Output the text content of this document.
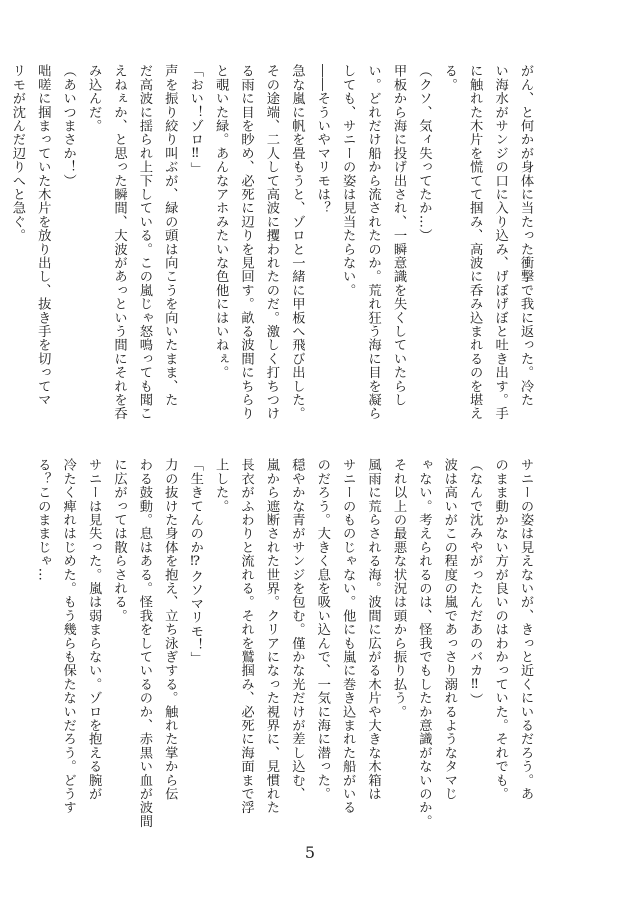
がん、と何かが身体に当たった衝撃で我に返った。冷た

い海水がサンジの口に入り込み、げぼげぼと吐き出す。手

に触れた木片を慌てて掴み、高波に呑み込まれるのを堪え

る。

（クソ、気ィ失ってたか…）

甲板から海に投げ出され、一瞬意識を失くしていたらし

い。どれだけ船から流されたのか。荒れ狂う海に目を凝ら

しても、サニーの姿は見当たらない。

――そういやマリモは？

急な嵐に帆を畳もうと、ゾロと一緒に甲板へ飛び出した。

その途端、二人して高波に攫われたのだ。激しく打ちつけ

る雨に目を眇め、必死に辺りを見回す。畝る波間にちらり

と覗いた緑。あんなアホみたいな色他にはいねぇ。

「おい！ゾロ‼」

声を振り絞り叫ぶが、緑の頭は向こうを向いたまま、た

だ高波に揺られ上下している。この嵐じゃ怒鳴っても聞こ

えねぇか、と思った瞬間、大波があっという間にそれを呑

み込んだ。

（あいつまさか！）

咄嗟に掴まっていた木片を放り出し、抜き手を切ってマ

リモが沈んだ辺りへと急ぐ。

サニーの姿は見えないが、きっと近くにいるだろう。あ

のまま動かない方が良いのはわかっていた。それでも。

（なんで沈みやがったんだあのバカ‼）

波は高いがこの程度の嵐であっさり溺れるようなタマじ

ゃない。考えられるのは、怪我でもしたか意識がないのか。

それ以上の最悪な状況は頭から振り払う。

風雨に荒らされる海。波間に広がる木片や大きな木箱は

サニーのものじゃない。他にも嵐に巻き込まれた船がいる

のだろう。大きく息を吸い込んで、一気に海に潜った。

穏やかな青がサンジを包む。僅かな光だけが差し込む、

嵐から遮断された世界。クリアになった視界に、見慣れた

長衣がふわりと流れる。それを鷲掴み、必死に海面まで浮

上した。

「生きてんのか⁉クソマリモ！」

力の抜けた身体を抱え、立ち泳ぎする。触れた掌から伝

わる鼓動。息はある。怪我をしているのか、赤黒い血が波間

に広がっては散らされる。

サニーは見失った。嵐は弱まらない。ゾロを抱える腕が

冷たく痺れはじめた。もう幾らも保たないだろう。どうす

る？このままじゃ…

5
